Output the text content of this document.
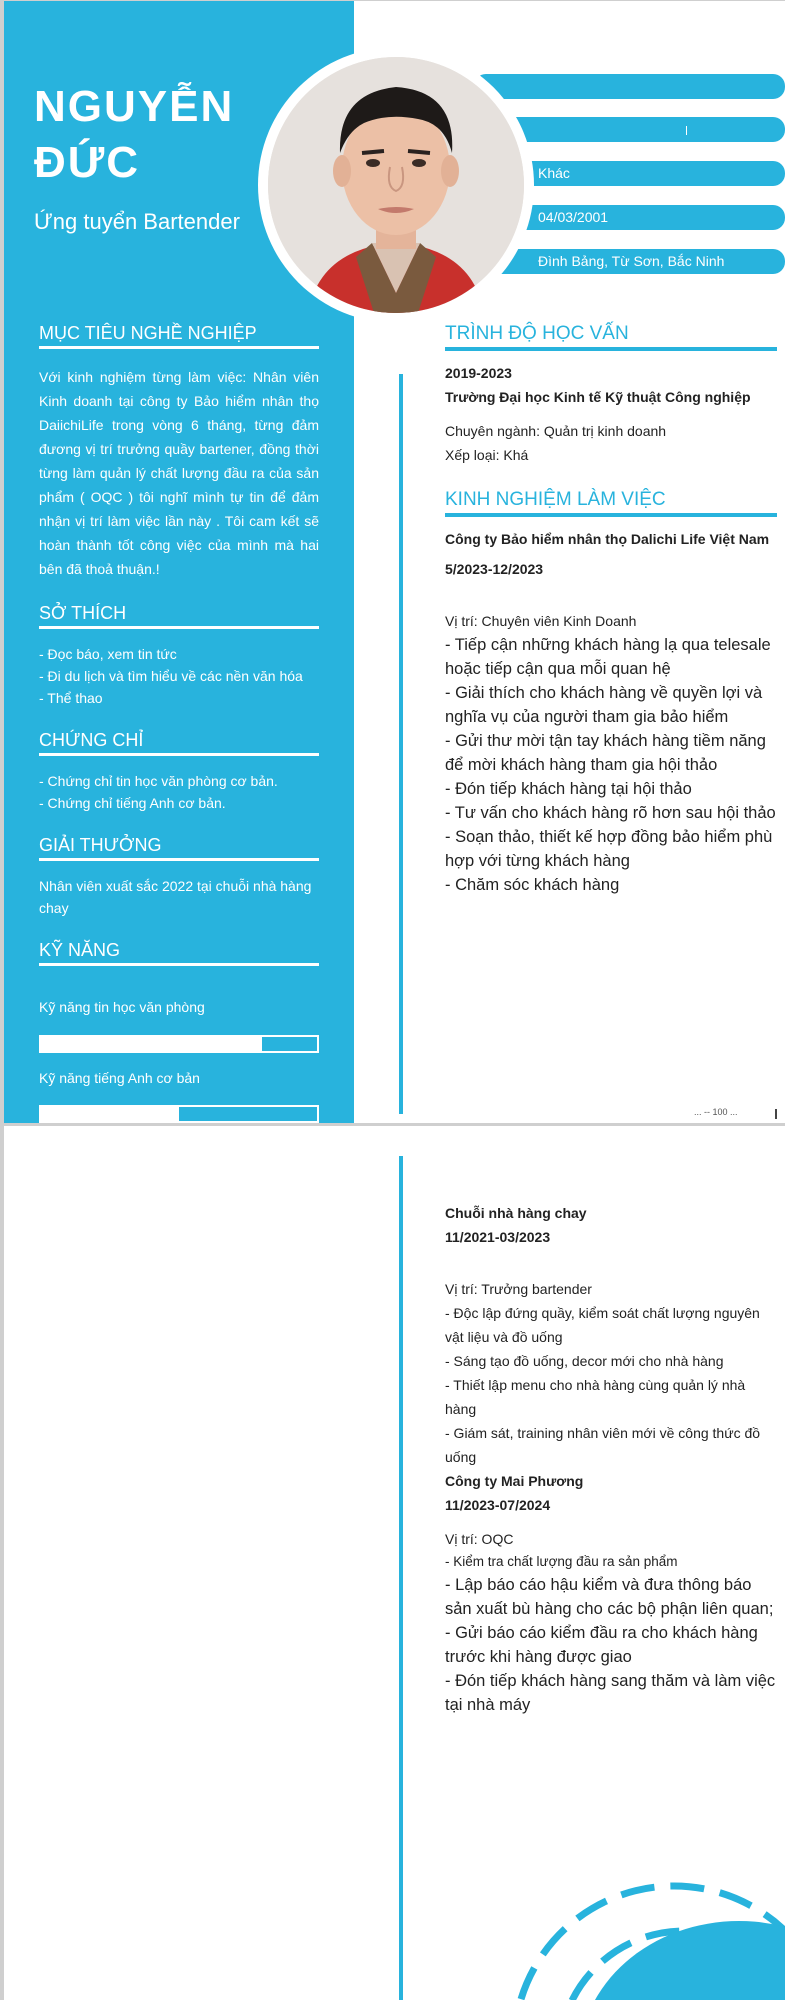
NGUYỄN
ĐỨC
Ứng tuyển Bartender
MỤC TIÊU NGHỀ NGHIỆP

Với kinh nghiệm từng làm việc: Nhân viên Kinh doanh tại công ty Bảo hiểm nhân thọ DaiichiLife trong vòng 6 tháng, từng đảm đương vị trí trưởng quầy bartener, đồng thời từng làm quản lý chất lượng đầu ra của sản phẩm ( OQC ) tôi nghĩ mình tự tin để đảm nhận vị trí làm việc lần này . Tôi cam kết sẽ hoàn thành tốt công việc của mình mà hai bên đã thoả thuận.!

SỞ THÍCH
- Đọc báo, xem tin tức
- Đi du lịch và tìm hiểu về các nền văn hóa
- Thể thao
CHỨNG CHỈ
- Chứng chỉ tin học văn phòng cơ bản.
- Chứng chỉ tiếng Anh cơ bản.
GIẢI THƯỞNG

Nhân viên xuất sắc 2022 tại chuỗi nhà hàng chay

KỸ NĂNG
Kỹ năng tin học văn phòng
Kỹ năng tiếng Anh cơ bản
Khác
04/03/2001
Đình Bảng, Từ Sơn, Bắc Ninh
TRÌNH ĐỘ HỌC VẤN
2019-2023
Trường Đại học Kinh tế Kỹ thuật Công nghiệp
Chuyên ngành: Quản trị kinh doanh
Xếp loại: Khá
KINH NGHIỆM LÀM VIỆC
Công ty Bảo hiểm nhân thọ Dalichi Life Việt Nam
5/2023-12/2023
Vị trí: Chuyên viên Kinh Doanh
- Tiếp cận những khách hàng lạ qua telesale hoặc tiếp cận qua mỗi quan hệ
- Giải thích cho khách hàng về quyền lợi và nghĩa vụ của người tham gia bảo hiểm
- Gửi thư mời tận tay khách hàng tiềm năng để mời khách hàng tham gia hội thảo
- Đón tiếp khách hàng tại hội thảo
- Tư vấn cho khách hàng rõ hơn sau hội thảo
- Soạn thảo, thiết kế hợp đồng bảo hiểm phù hợp với từng khách hàng
- Chăm sóc khách hàng
... -- 100 ...
Chuỗi nhà hàng chay
11/2021-03/2023
Vị trí: Trưởng bartender
- Độc lập đứng quầy, kiểm soát chất lượng nguyên vật liệu và đồ uống
- Sáng tạo đồ uống, decor mới cho nhà hàng
- Thiết lập menu cho nhà hàng cùng quản lý nhà hàng
- Giám sát, training nhân viên mới về công thức đồ uống
Công ty Mai Phương
11/2023-07/2024
Vị trí: OQC
- Kiểm tra chất lượng đầu ra sản phẩm
- Lập báo cáo hậu kiểm và đưa thông báo sản xuất bù hàng cho các bộ phận liên quan;
- Gửi báo cáo kiểm đầu ra cho khách hàng trước khi hàng được giao
- Đón tiếp khách hàng sang thăm và làm việc tại nhà máy
